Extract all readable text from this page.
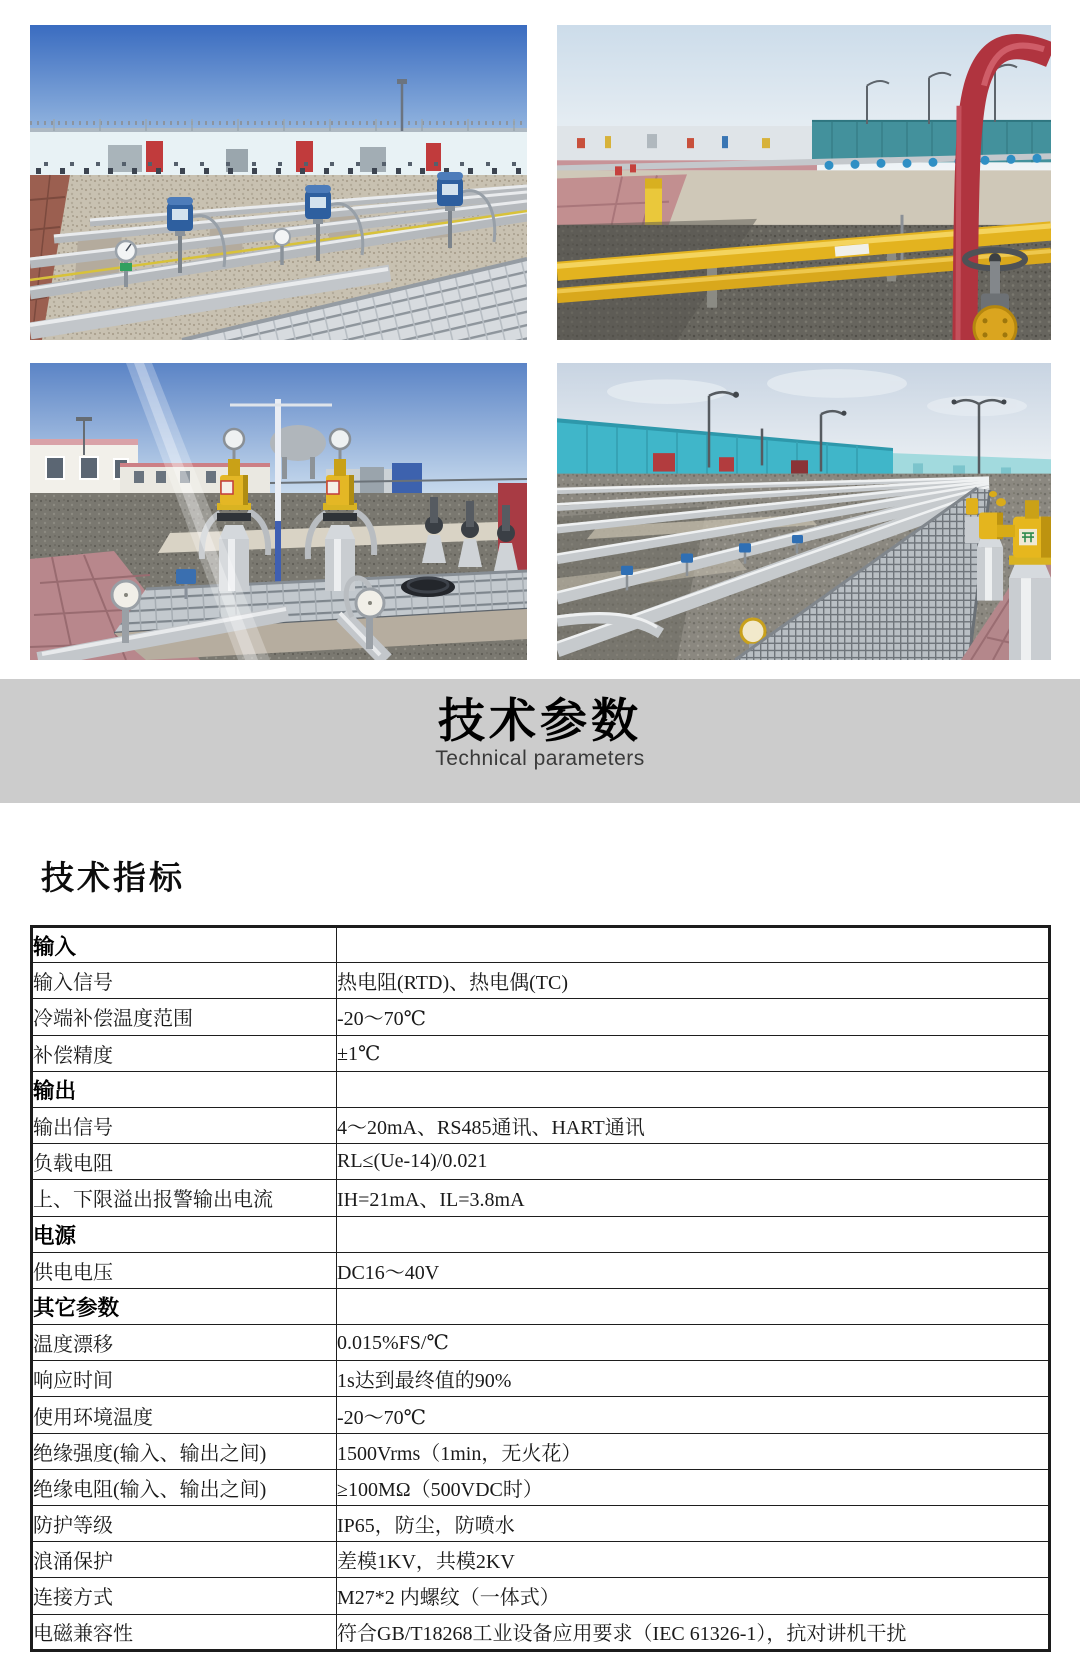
技术参数
Technical parameters
技术指标
输入	
输入信号	热电阻(RTD)、热电偶(TC)
冷端补偿温度范围	-20～70℃
补偿精度	±1℃
输出	
输出信号	4～20mA、RS485通讯、HART通讯
负载电阻	RL≤(Ue-14)/0.021
上、下限溢出报警输出电流	IH=21mA、IL=3.8mA
电源	
供电电压	DC16～40V
其它参数	
温度漂移	0.015%FS/℃
响应时间	1s达到最终值的90%
使用环境温度	-20～70℃
绝缘强度(输入、输出之间)	1500Vrms（1min，无火花）
绝缘电阻(输入、输出之间)	≥100MΩ（500VDC时）
防护等级	IP65，防尘，防喷水
浪涌保护	差模1KV，共模2KV
连接方式	M27*2 内螺纹（一体式）
电磁兼容性	符合GB/T18268工业设备应用要求（IEC 61326-1），抗对讲机干扰
